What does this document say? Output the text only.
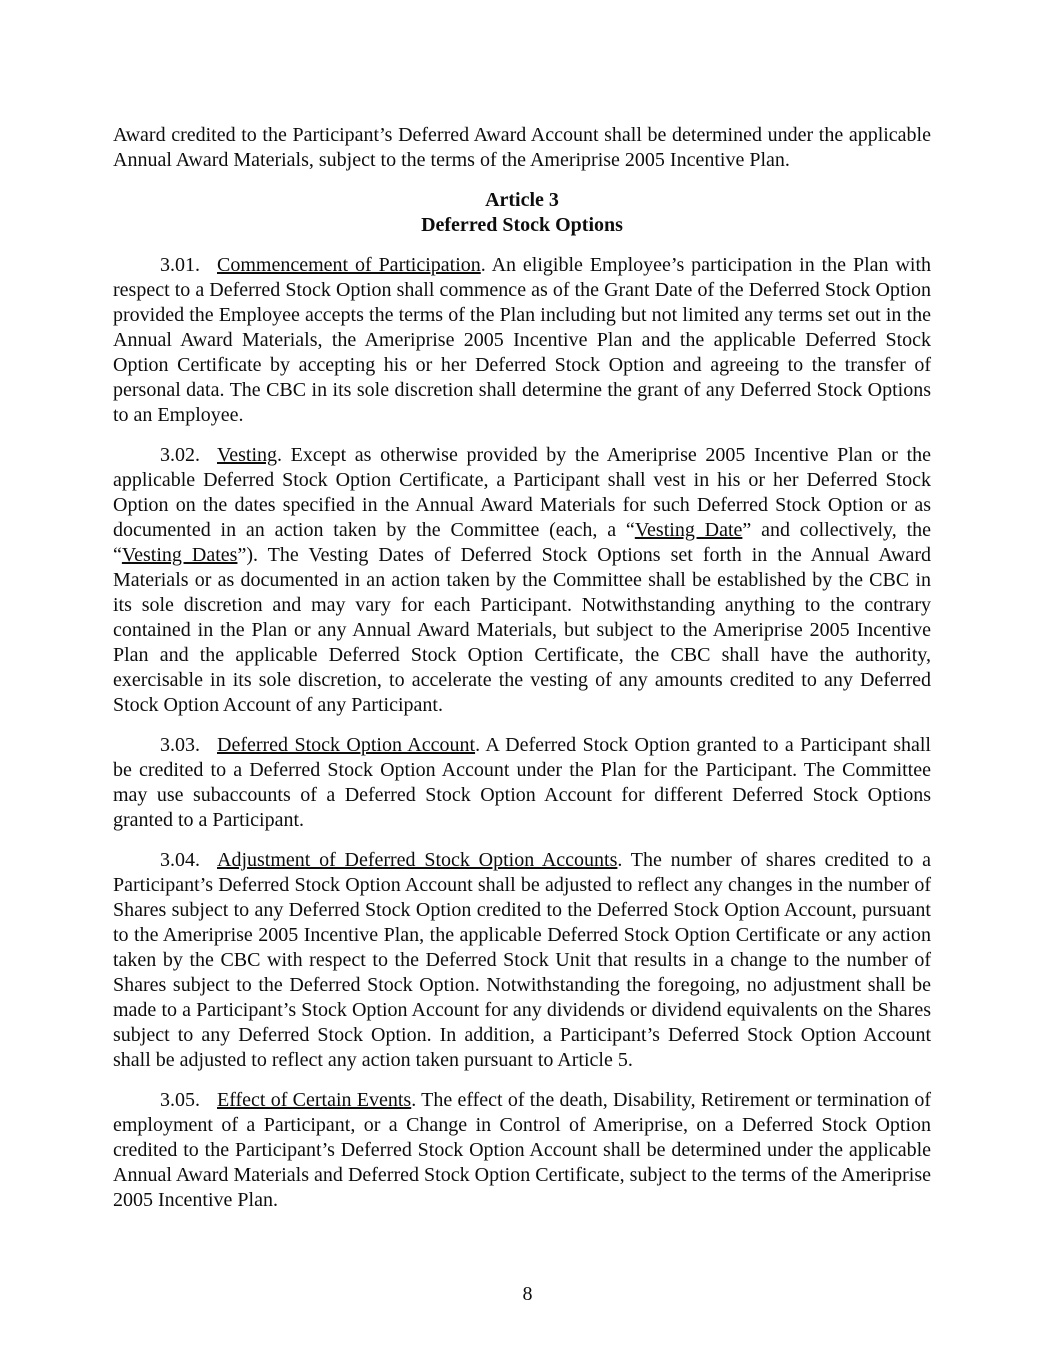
Award credited to the Participant’s Deferred Award Account shall be determined under the applicable Annual Award Materials, subject to the terms of the Ameriprise 2005 Incentive Plan.

Article 3
Deferred Stock Options

3.01. Commencement of Participation. An eligible Employee’s participation in the Plan with respect to a Deferred Stock Option shall commence as of the Grant Date of the Deferred Stock Option provided the Employee accepts the terms of the Plan including but not limited any terms set out in the Annual Award Materials, the Ameriprise 2005 Incentive Plan and the applicable Deferred Stock Option Certificate by accepting his or her Deferred Stock Option and agreeing to the transfer of personal data. The CBC in its sole discretion shall determine the grant of any Deferred Stock Options to an Employee.

3.02. Vesting. Except as otherwise provided by the Ameriprise 2005 Incentive Plan or the applicable Deferred Stock Option Certificate, a Participant shall vest in his or her Deferred Stock Option on the dates specified in the Annual Award Materials for such Deferred Stock Option or as documented in an action taken by the Committee (each, a “Vesting Date” and collectively, the “Vesting Dates”). The Vesting Dates of Deferred Stock Options set forth in the Annual Award Materials or as documented in an action taken by the Committee shall be established by the CBC in its sole discretion and may vary for each Participant. Notwithstanding anything to the contrary contained in the Plan or any Annual Award Materials, but subject to the Ameriprise 2005 Incentive Plan and the applicable Deferred Stock Option Certificate, the CBC shall have the authority, exercisable in its sole discretion, to accelerate the vesting of any amounts credited to any Deferred Stock Option Account of any Participant.

3.03. Deferred Stock Option Account. A Deferred Stock Option granted to a Participant shall be credited to a Deferred Stock Option Account under the Plan for the Participant. The Committee may use subaccounts of a Deferred Stock Option Account for different Deferred Stock Options granted to a Participant.

3.04. Adjustment of Deferred Stock Option Accounts. The number of shares credited to a Participant’s Deferred Stock Option Account shall be adjusted to reflect any changes in the number of Shares subject to any Deferred Stock Option credited to the Deferred Stock Option Account, pursuant to the Ameriprise 2005 Incentive Plan, the applicable Deferred Stock Option Certificate or any action taken by the CBC with respect to the Deferred Stock Unit that results in a change to the number of Shares subject to the Deferred Stock Option. Notwithstanding the foregoing, no adjustment shall be made to a Participant’s Stock Option Account for any dividends or dividend equivalents on the Shares subject to any Deferred Stock Option. In addition, a Participant’s Deferred Stock Option Account shall be adjusted to reflect any action taken pursuant to Article 5.

3.05. Effect of Certain Events. The effect of the death, Disability, Retirement or termination of employment of a Participant, or a Change in Control of Ameriprise, on a Deferred Stock Option credited to the Participant’s Deferred Stock Option Account shall be determined under the applicable Annual Award Materials and Deferred Stock Option Certificate, subject to the terms of the Ameriprise 2005 Incentive Plan.

8
